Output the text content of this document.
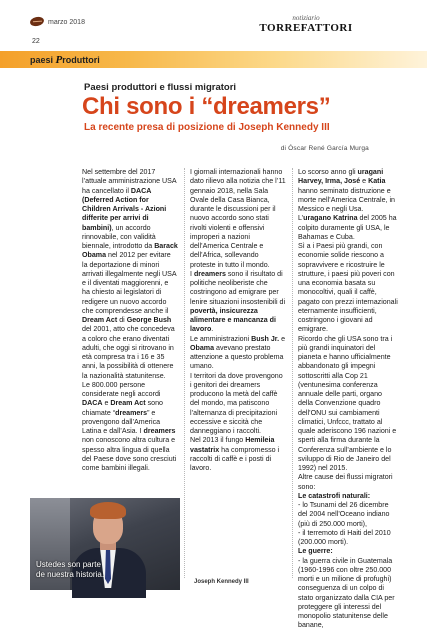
marzo 2018
22
notiziario
TORREFATTORI
paesi Produttori
Paesi produttori e flussi migratori
Chi sono i “dreamers”
La recente presa di posizione di Joseph Kennedy III
di Óscar René García Murga

Nel settembre del 2017 l’attuale amministrazione USA ha cancellato il DACA (Deferred Action for Children Arrivals - Azioni differite per arrivi di bambini), un accordo rinnovabile, con validità biennale, introdotto da Barack Obama nel 2012 per evitare la deportazione di minori arrivati illegalmente negli USA e il diventati maggiorenni, e ha chiesto ai legislatori di redigere un nuovo accordo che comprendesse anche il Dream Act di George Bush del 2001, atto che concedeva a coloro che erano diventati adulti, che oggi si ritrovano in età compresa tra i 16 e 35 anni, la possibilità di ottenere la nazionalità statunitense.

Le 800.000 persone considerate negli accordi DACA e Dream Act sono chiamate “dreamers” e provengono dall’America Latina e dall’Asia. I dreamers non conoscono altra cultura e spesso altra lingua di quella del Paese dove sono cresciuti come bambini illegali.

I giornali internazionali hanno dato rilievo alla notizia che l’11 gennaio 2018, nella Sala Ovale della Casa Bianca, durante le discussioni per il nuovo accordo sono stati rivolti violenti e offensivi improperi a nazioni dell’America Centrale e dell’Africa, sollevando proteste in tutto il mondo.

I dreamers sono il risultato di politiche neoliberiste che costringono ad emigrare per lenire situazioni insostenibili di povertà, insicurezza alimentare e mancanza di lavoro.

Le amministrazioni Bush Jr. e Obama avevano prestato attenzione a questo problema umano.

I territori da dove provengono i genitori dei dreamers producono la metà del caffè del mondo, ma patiscono l’alternanza di precipitazioni eccessive e siccità che danneggiano i raccolti.

Nel 2013 il fungo Hemileia vastatrix ha compromesso i raccolti di caffè e i posti di lavoro.

Lo scorso anno gli uragani Harvey, Irma, José e Katia hanno seminato distruzione e morte nell’America Centrale, in Messico e negli Usa. L’uragano Katrina del 2005 ha colpito duramente gli USA, le Bahamas e Cuba.

Sì a i Paesi più grandi, con economie solide riescono a sopravvivere e ricostruire le strutture, i paesi più poveri con una economia basata su monocoltivi, quali il caffè, pagato con prezzi internazionali eternamente insufficienti, costringono i giovani ad emigrare.

Ricordo che gli USA sono tra i più grandi inquinatori del pianeta e hanno ufficialmente abbandonato gli impegni sottoscritti alla Cop 21 (ventunesima conferenza annuale delle parti, organo della Convenzione quadro dell’ONU sui cambiamenti climatici, Unfccc, trattato al quale aderiscono 196 nazioni e sperti alla firma durante la Conferenza sull’ambiente e lo sviluppo di Rio de Janeiro del 1992) nel 2015.

Altre cause dei flussi migratori sono:

Le catastrofi naturali:

- lo Tsunami del 26 dicembre del 2004 nell’Oceano indiano (più di 250.000 morti),

- il terremoto di Haiti del 2010 (200.000 morti).

Le guerre:

- la guerra civile in Guatemala (1960-1996 con oltre 250.000 morti e un milione di profughi) conseguenza di un colpo di stato organizzato dalla CIA per proteggere gli interessi del monopolio statunitense delle banane,

Ustedes son parte
de nuestra historia.
Joseph Kennedy III
